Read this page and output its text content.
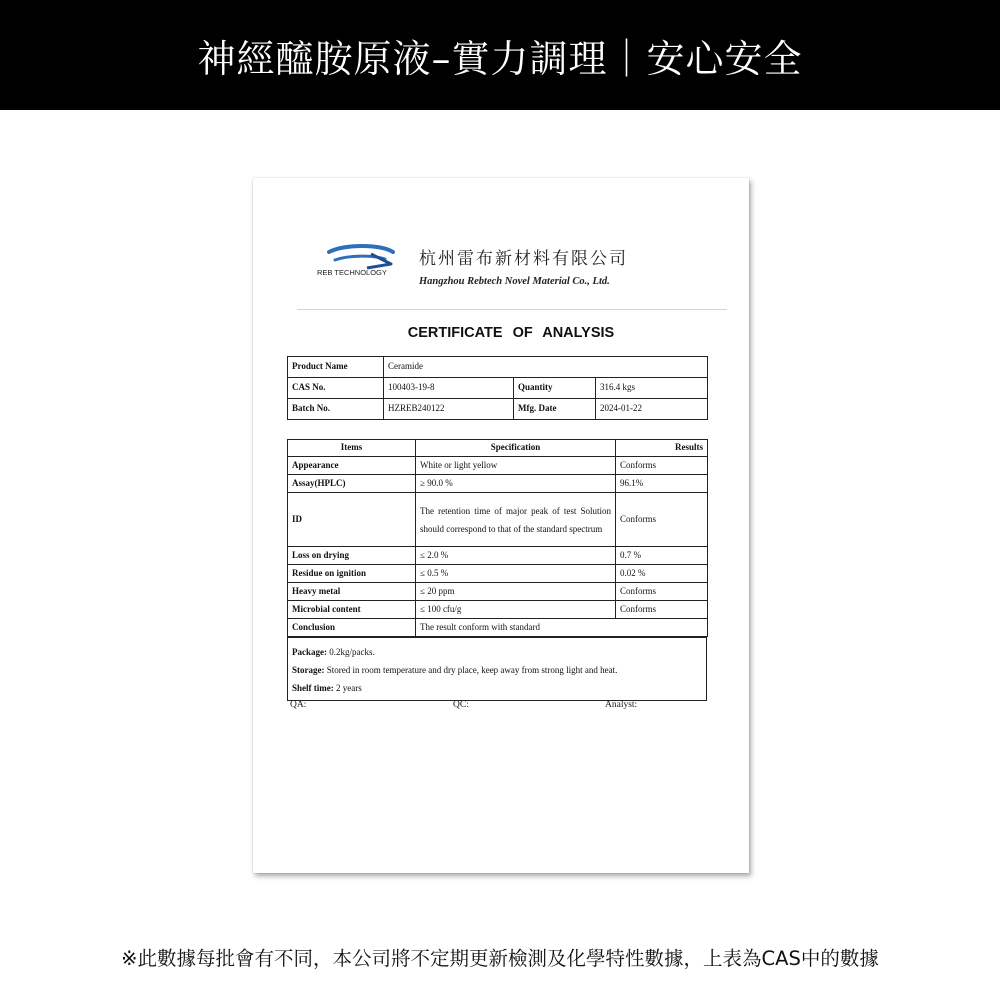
神經醯胺原液–實力調理｜安心安全
REB TECHNOLOGY
杭州雷布新材料有限公司
Hangzhou Rebtech Novel Material Co., Ltd.
CERTIFICATE OF ANALYSIS
Product Name	Ceramide		
CAS No.	100403-19-8	Quantity	316.4 kgs
Batch No.	HZREB240122	Mfg. Date	2024-01-22
Items	Specification	Results
Appearance	White or light yellow	Conforms
Assay(HPLC)	≥ 90.0 %	96.1%
ID	The retention time of major peak of test Solution should correspond to that of the standard spectrum	Conforms
Loss on drying	≤ 2.0 %	0.7 %
Residue on ignition	≤ 0.5 %	0.02 %
Heavy metal	≤ 20 ppm	Conforms
Microbial content	≤ 100 cfu/g	Conforms
Conclusion	The result conform with standard	

Package: 0.2kg/packs.

Storage: Stored in room temperature and dry place, keep away from strong light and heat.

Shelf time: 2 years

QA:	QC:	Analyst:
※此數據每批會有不同，本公司將不定期更新檢測及化學特性數據，上表為CAS中的數據
